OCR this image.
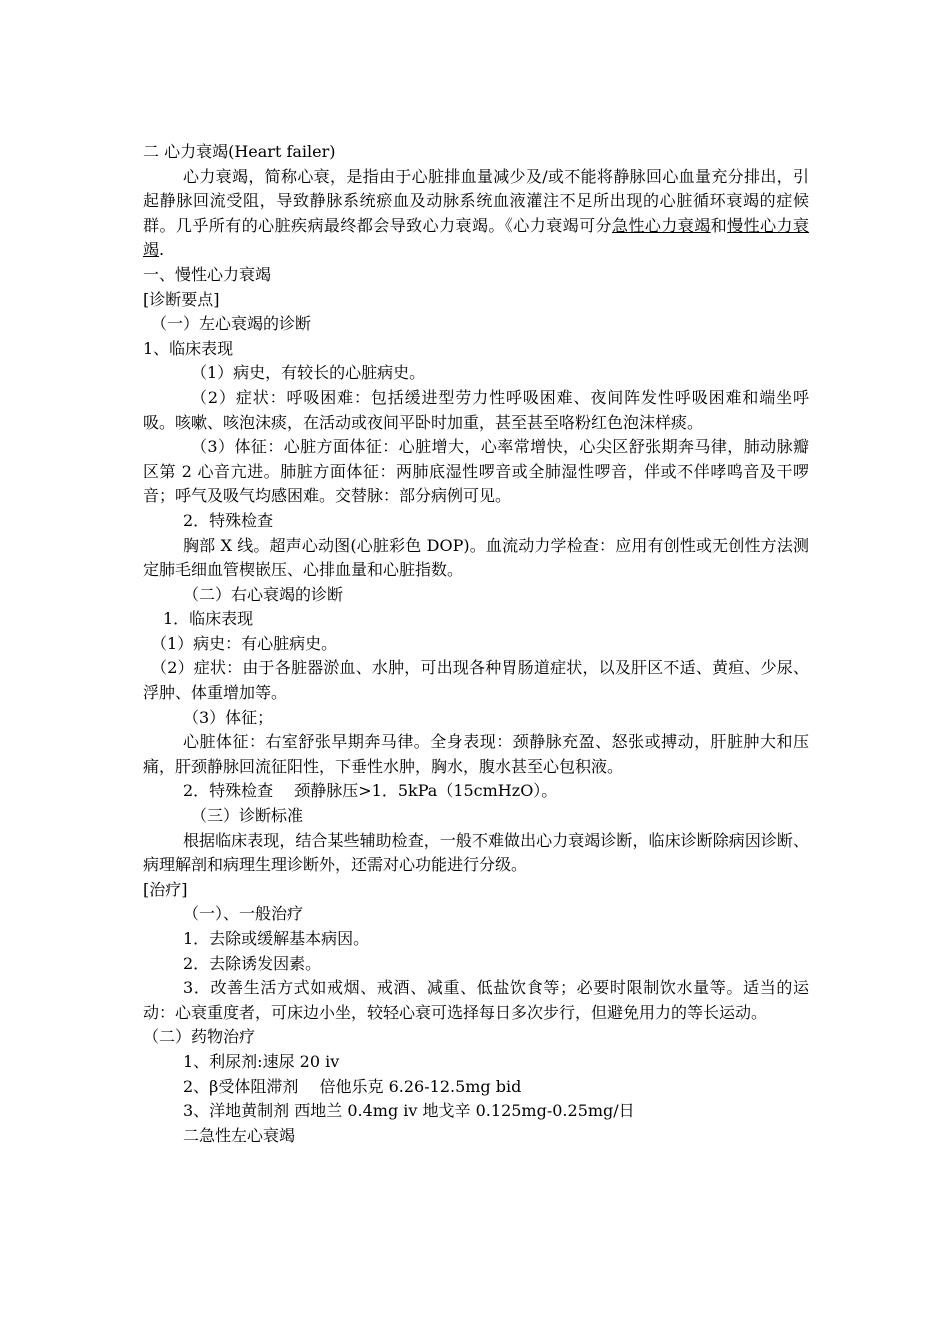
二 心力衰竭(Heart failer)

心力衰竭，简称心衰，是指由于心脏排血量减少及/或不能将静脉回心血量充分排出，引起静脉回流受阻，导致静脉系统瘀血及动脉系统血液灌注不足所出现的心脏循环衰竭的症候群。几乎所有的心脏疾病最终都会导致心力衰竭。《心力衰竭可分急性心力衰竭和慢性心力衰竭.

一、慢性心力衰竭

[诊断要点]

（一）左心衰竭的诊断

1、临床表现

（1）病史，有较长的心脏病史。

（2）症状：呼吸困难：包括缓进型劳力性呼吸困难、夜间阵发性呼吸困难和端坐呼吸。咳嗽、咳泡沫痰，在活动或夜间平卧时加重，甚至甚至咯粉红色泡沫样痰。

（3）体征：心脏方面体征：心脏增大，心率常增快，心尖区舒张期奔马律，肺动脉瓣区第 2 心音亢进。肺脏方面体征：两肺底湿性啰音或全肺湿性啰音，伴或不伴哮鸣音及干啰音；呼气及吸气均感困难。交替脉：部分病例可见。

2．特殊检查

胸部 X 线。超声心动图(心脏彩色 DOP)。血流动力学检查：应用有创性或无创性方法测定肺毛细血管楔嵌压、心排血量和心脏指数。

（二）右心衰竭的诊断

1．临床表现

（1）病史：有心脏病史。

（2）症状：由于各脏器淤血、水肿，可出现各种胃肠道症状，以及肝区不适、黄疸、少尿、浮肿、体重增加等。

（3）体征；

心脏体征：右室舒张早期奔马律。全身表现：颈静脉充盈、怒张或搏动，肝脏肿大和压痛，肝颈静脉回流征阳性，下垂性水肿，胸水，腹水甚至心包积液。

2．特殊检查　 颈静脉压>1．5kPa（15cmHzO）。

（三）诊断标准

根据临床表现，结合某些辅助检查，一般不难做出心力衰竭诊断，临床诊断除病因诊断、病理解剖和病理生理诊断外，还需对心功能进行分级。

[治疗]

（一）、一般治疗

1．去除或缓解基本病因。

2．去除诱发因素。

3．改善生活方式如戒烟、戒酒、减重、低盐饮食等；必要时限制饮水量等。适当的运动：心衰重度者，可床边小坐，较轻心衰可选择每日多次步行，但避免用力的等长运动。

（二）药物治疗

1、利尿剂:速尿 20 iv

2、β受体阻滞剂　 倍他乐克 6.26-12.5mg bid

3、洋地黄制剂 西地兰 0.4mg iv 地戈辛 0.125mg-0.25mg/日

二急性左心衰竭
